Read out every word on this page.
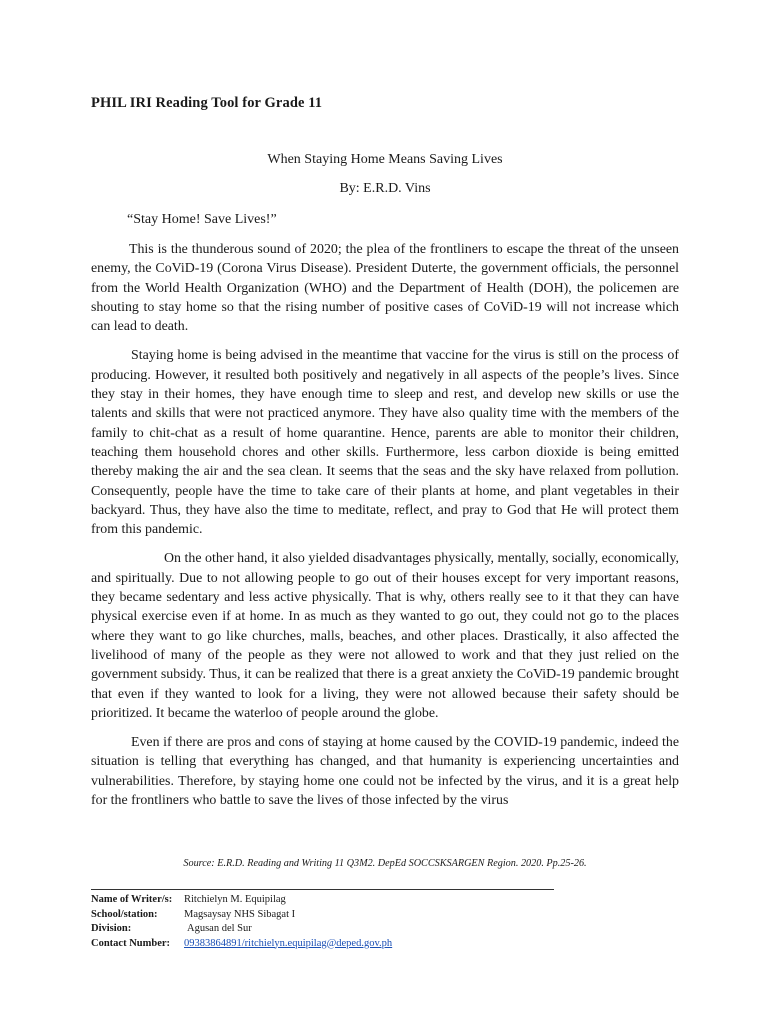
PHIL IRI Reading Tool for Grade 11
When Staying Home Means Saving Lives
By: E.R.D. Vins
“Stay Home! Save Lives!”

This is the thunderous sound of 2020; the plea of the frontliners to escape the threat of the unseen enemy, the CoViD-19 (Corona Virus Disease). President Duterte, the government officials, the personnel from the World Health Organization (WHO) and the Department of Health (DOH), the policemen are shouting to stay home so that the rising number of positive cases of CoViD-19 will not increase which can lead to death.

Staying home is being advised in the meantime that vaccine for the virus is still on the process of producing. However, it resulted both positively and negatively in all aspects of the people’s lives. Since they stay in their homes, they have enough time to sleep and rest, and develop new skills or use the talents and skills that were not practiced anymore. They have also quality time with the members of the family to chit-chat as a result of home quarantine. Hence, parents are able to monitor their children, teaching them household chores and other skills. Furthermore, less carbon dioxide is being emitted thereby making the air and the sea clean. It seems that the seas and the sky have relaxed from pollution. Consequently, people have the time to take care of their plants at home, and plant vegetables in their backyard. Thus, they have also the time to meditate, reflect, and pray to God that He will protect them from this pandemic.

On the other hand, it also yielded disadvantages physically, mentally, socially, economically, and spiritually. Due to not allowing people to go out of their houses except for very important reasons, they became sedentary and less active physically. That is why, others really see to it that they can have physical exercise even if at home. In as much as they wanted to go out, they could not go to the places where they want to go like churches, malls, beaches, and other places. Drastically, it also affected the livelihood of many of the people as they were not allowed to work and that they just relied on the government subsidy. Thus, it can be realized that there is a great anxiety the CoViD-19 pandemic brought that even if they wanted to look for a living, they were not allowed because their safety should be prioritized. It became the waterloo of people around the globe.

Even if there are pros and cons of staying at home caused by the COVID-19 pandemic, indeed the situation is telling that everything has changed, and that humanity is experiencing uncertainties and vulnerabilities. Therefore, by staying home one could not be infected by the virus, and it is a great help for the frontliners who battle to save the lives of those infected by the virus

Source: E.R.D. Reading and Writing 11 Q3M2. DepEd SOCCSKSARGEN Region. 2020. Pp.25-26.
Name of Writer/s:	Ritchielyn M. Equipilag
School/station:	Magsaysay NHS Sibagat I
Division:	Agusan del Sur
Contact Number:	09383864891/ritchielyn.equipilag@deped.gov.ph
